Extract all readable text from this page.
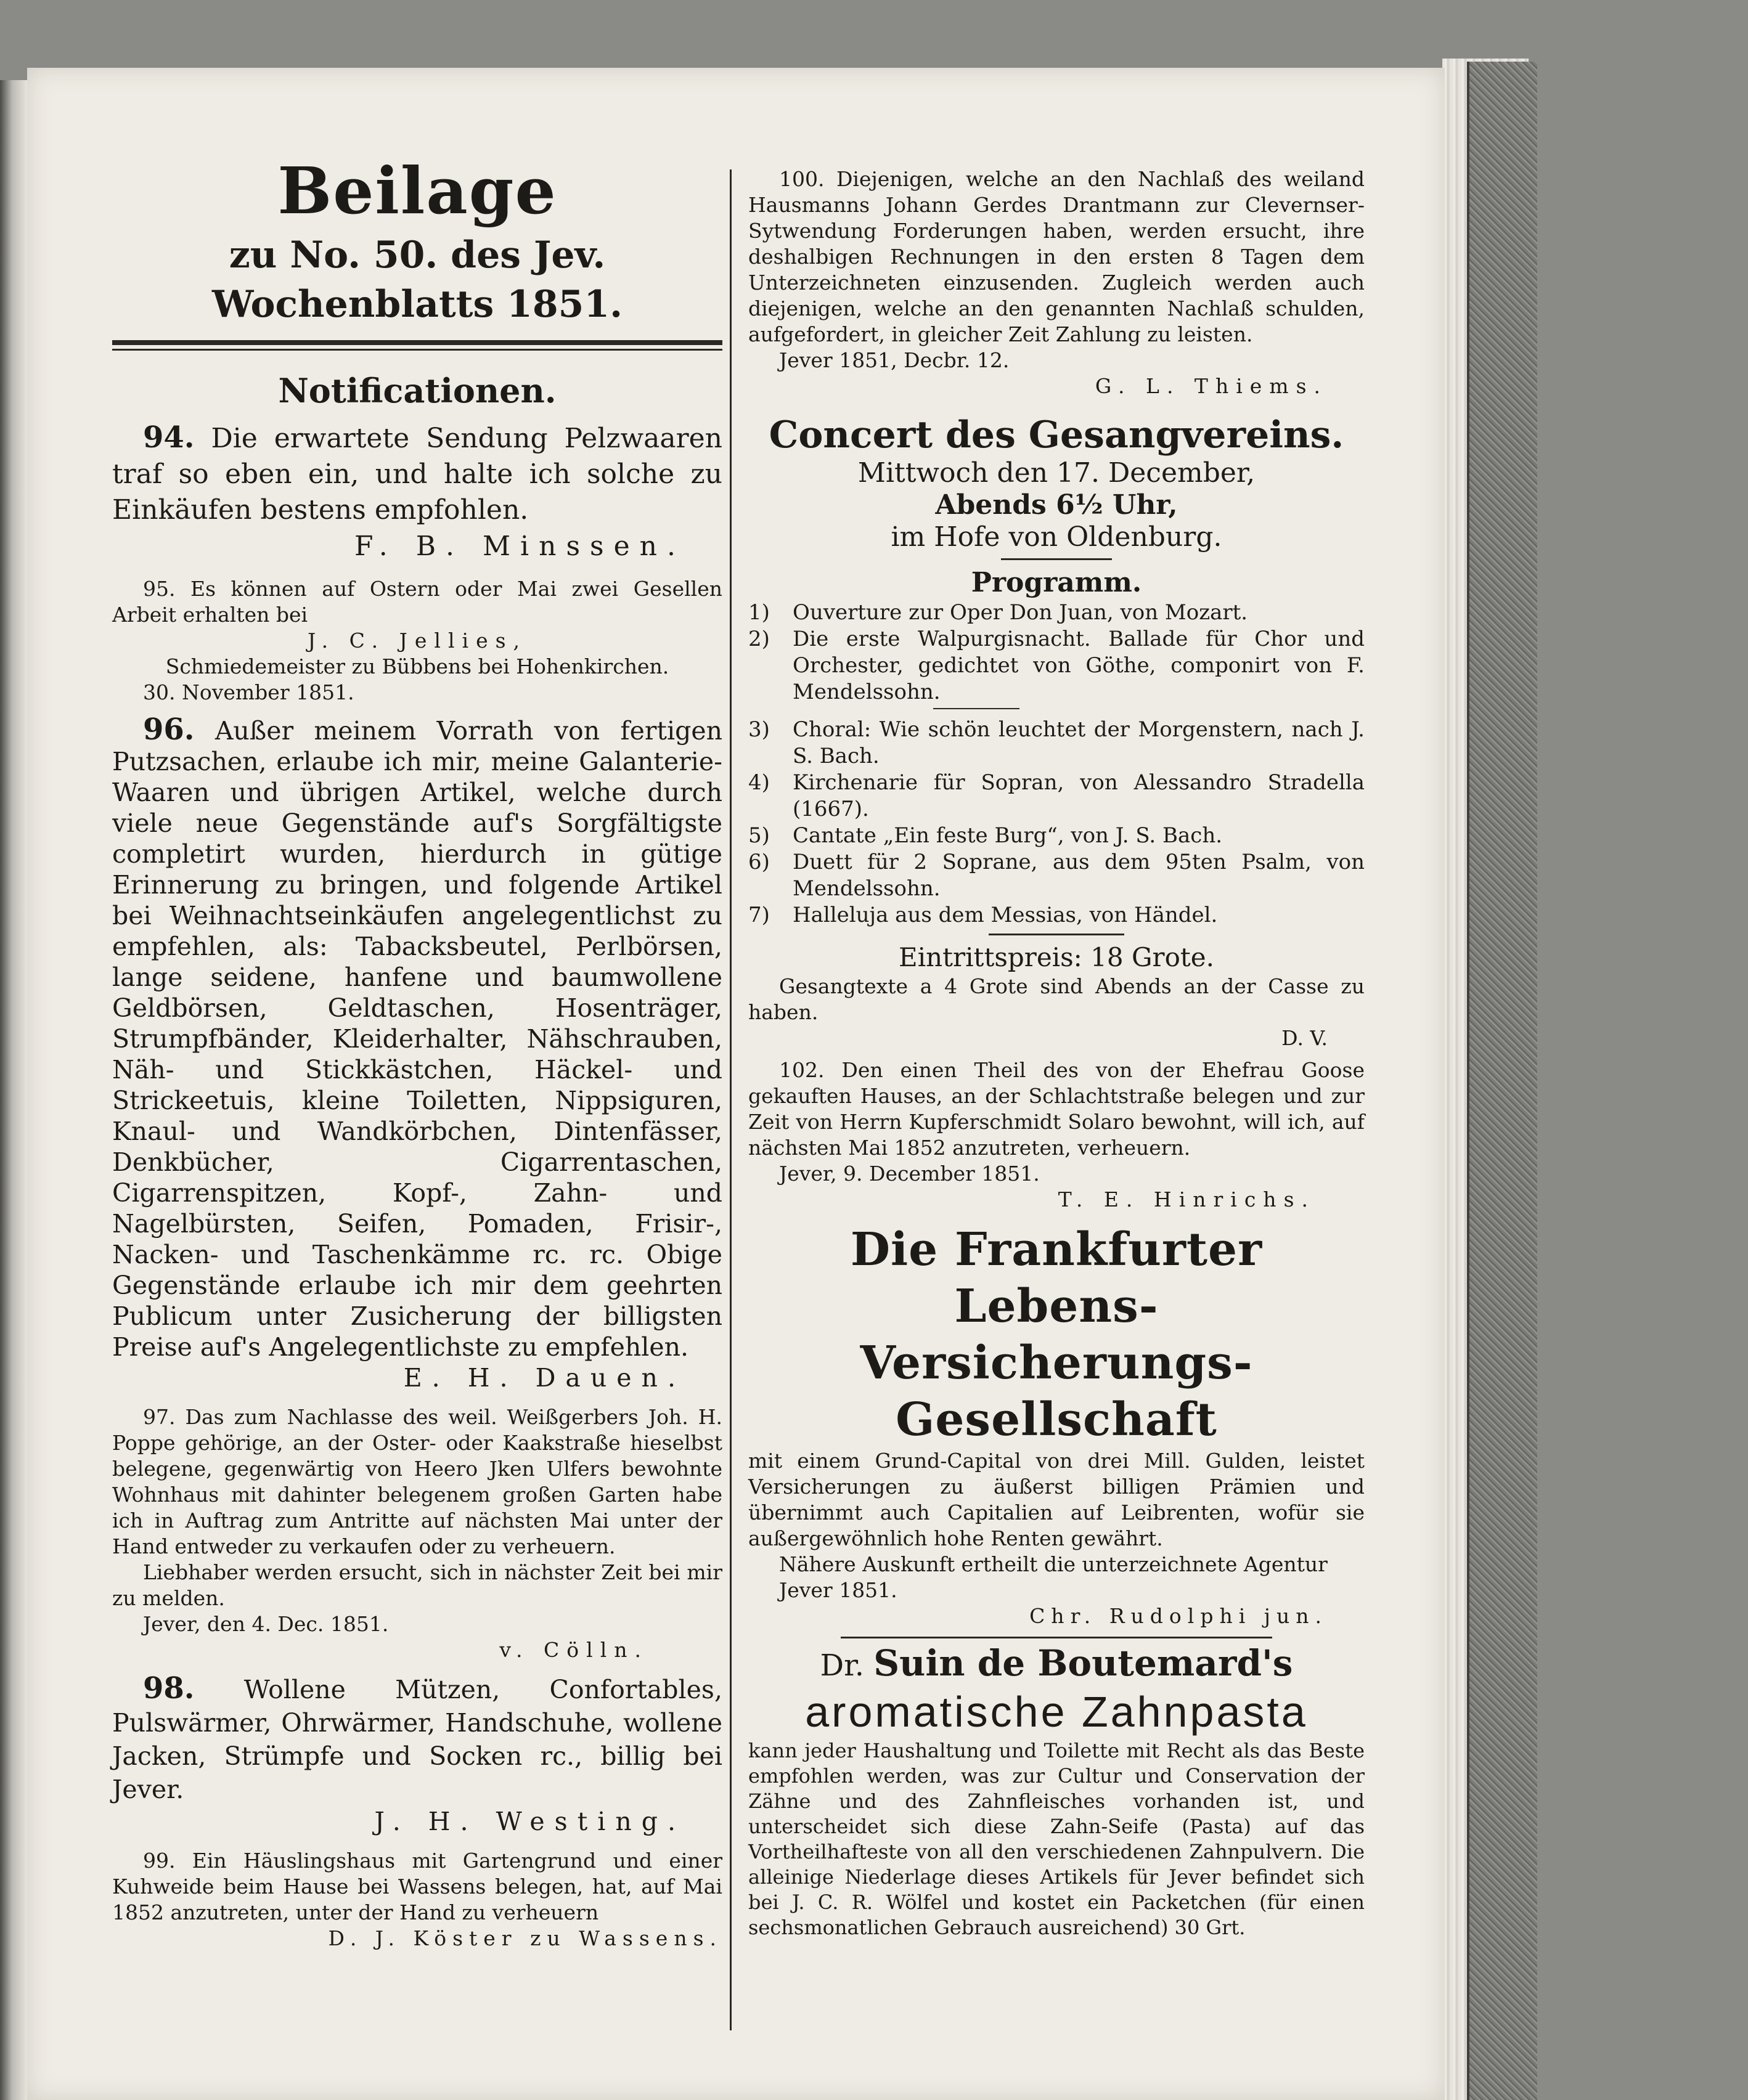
Beilage
zu No. 50. des Jev. Wochenblatts 1851.
Notificationen.
94. Die erwartete Sendung Pelzwaaren traf so eben ein, und halte ich solche zu Einkäufen bestens empfohlen.
F. B. Minssen.
95. Es können auf Ostern oder Mai zwei Gesellen Arbeit erhalten bei
J. C. Jellies,
Schmiedemeister zu Bübbens bei Hohenkirchen.
30. November 1851.
96. Außer meinem Vorrath von fertigen Putzsachen, erlaube ich mir, meine Galanterie-Waaren und übrigen Artikel, welche durch viele neue Gegenstände auf's Sorgfältigste completirt wurden, hierdurch in gütige Erinnerung zu bringen, und folgende Artikel bei Weihnachtseinkäufen angelegentlichst zu empfehlen, als: Tabacksbeutel, Perlbörsen, lange seidene, hanfene und baumwollene Geldbörsen, Geldtaschen, Hosenträger, Strumpfbänder, Kleiderhalter, Nähschrauben, Näh- und Stickkästchen, Häckel- und Strickeetuis, kleine Toiletten, Nippsiguren, Knaul- und Wandkörbchen, Dintenfässer, Denkbücher, Cigarrentaschen, Cigarrenspitzen, Kopf-, Zahn- und Nagelbürsten, Seifen, Pomaden, Frisir-, Nacken- und Taschenkämme rc. rc. Obige Gegenstände erlaube ich mir dem geehrten Publicum unter Zusicherung der billigsten Preise auf's Angelegentlichste zu empfehlen.
E. H. Dauen.
97. Das zum Nachlasse des weil. Weißgerbers Joh. H. Poppe gehörige, an der Oster- oder Kaakstraße hieselbst belegene, gegenwärtig von Heero Jken Ulfers bewohnte Wohnhaus mit dahinter belegenem großen Garten habe ich in Auftrag zum Antritte auf nächsten Mai unter der Hand entweder zu verkaufen oder zu verheuern.
Liebhaber werden ersucht, sich in nächster Zeit bei mir zu melden.
Jever, den 4. Dec. 1851.
v. Cölln.
98. Wollene Mützen, Confortables, Pulswärmer, Ohrwärmer, Handschuhe, wollene Jacken, Strümpfe und Socken rc., billig bei Jever.
J. H. Westing.
99. Ein Häuslingshaus mit Gartengrund und einer Kuhweide beim Hause bei Wassens belegen, hat, auf Mai 1852 anzutreten, unter der Hand zu verheuern
D. J. Köster zu Wassens.
100. Diejenigen, welche an den Nachlaß des weiland Hausmanns Johann Gerdes Drantmann zur Clevernser-Sytwendung Forderungen haben, werden ersucht, ihre deshalbigen Rechnungen in den ersten 8 Tagen dem Unterzeichneten einzusenden. Zugleich werden auch diejenigen, welche an den genannten Nachlaß schulden, aufgefordert, in gleicher Zeit Zahlung zu leisten.
Jever 1851, Decbr. 12.
G. L. Thiems.
Concert des Gesangvereins.
Mittwoch den 17. December,
Abends 6½ Uhr,
im Hofe von Oldenburg.
Programm.
1)	Ouverture zur Oper Don Juan, von Mozart.
2)	Die erste Walpurgisnacht. Ballade für Chor und Orchester, gedichtet von Göthe, componirt von F. Mendelssohn.
3)	Choral: Wie schön leuchtet der Morgenstern, nach J. S. Bach.
4)	Kirchenarie für Sopran, von Alessandro Stradella (1667).
5)	Cantate „Ein feste Burg“, von J. S. Bach.
6)	Duett für 2 Soprane, aus dem 95ten Psalm, von Mendelssohn.
7)	Halleluja aus dem Messias, von Händel.
Eintrittspreis: 18 Grote.
Gesangtexte a 4 Grote sind Abends an der Casse zu haben.
D. V.
102. Den einen Theil des von der Ehefrau Goose gekauften Hauses, an der Schlachtstraße belegen und zur Zeit von Herrn Kupferschmidt Solaro bewohnt, will ich, auf nächsten Mai 1852 anzutreten, verheuern.
Jever, 9. December 1851.
T. E. Hinrichs.
Die Frankfurter Lebens-
Versicherungs-Gesellschaft
mit einem Grund-Capital von drei Mill. Gulden, leistet Versicherungen zu äußerst billigen Prämien und übernimmt auch Capitalien auf Leibrenten, wofür sie außergewöhnlich hohe Renten gewährt.
Nähere Auskunft ertheilt die unterzeichnete Agentur
Jever 1851.
Chr. Rudolphi jun.
Dr. Suin de Boutemard's
aromatische Zahnpasta
kann jeder Haushaltung und Toilette mit Recht als das Beste empfohlen werden, was zur Cultur und Conservation der Zähne und des Zahnfleisches vorhanden ist, und unterscheidet sich diese Zahn-Seife (Pasta) auf das Vortheilhafteste von all den verschiedenen Zahnpulvern. Die alleinige Niederlage dieses Artikels für Jever befindet sich bei J. C. R. Wölfel und kostet ein Packetchen (für einen sechsmonatlichen Gebrauch ausreichend) 30 Grt.
